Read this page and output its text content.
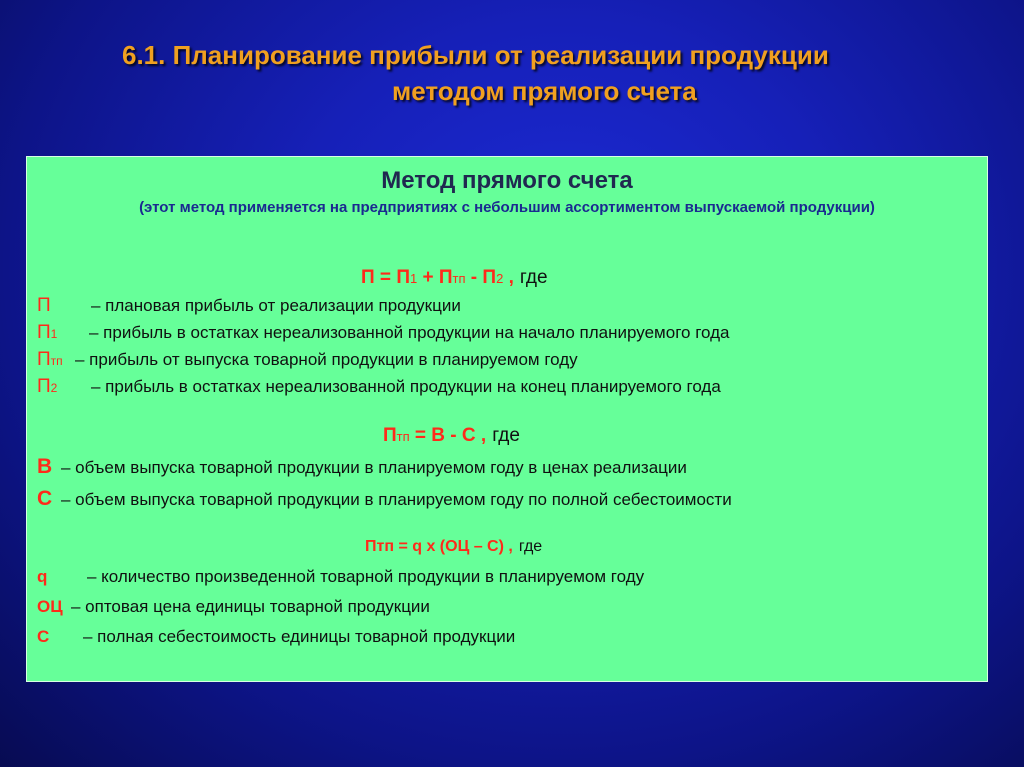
6.1. Планирование прибыли от реализации продукции
методом прямого счета
Метод прямого счета
(этот метод применяется на предприятиях с небольшим ассортиментом выпускаемой продукции)
П = П1 + Птп - П2 , где
П – плановая прибыль от реализации продукции
П1 – прибыль в остатках нереализованной продукции на начало планируемого года
Птп – прибыль от выпуска товарной продукции в планируемом году
П2 – прибыль в остатках нереализованной продукции на конец планируемого года
Птп = В - С , где
В – объем выпуска товарной продукции в планируемом году в ценах реализации
С – объем выпуска товарной продукции в планируемом году по полной себестоимости
Птп = q х (ОЦ – С) , где
q – количество произведенной товарной продукции в планируемом году
ОЦ – оптовая цена единицы товарной продукции
С – полная себестоимость единицы товарной продукции
